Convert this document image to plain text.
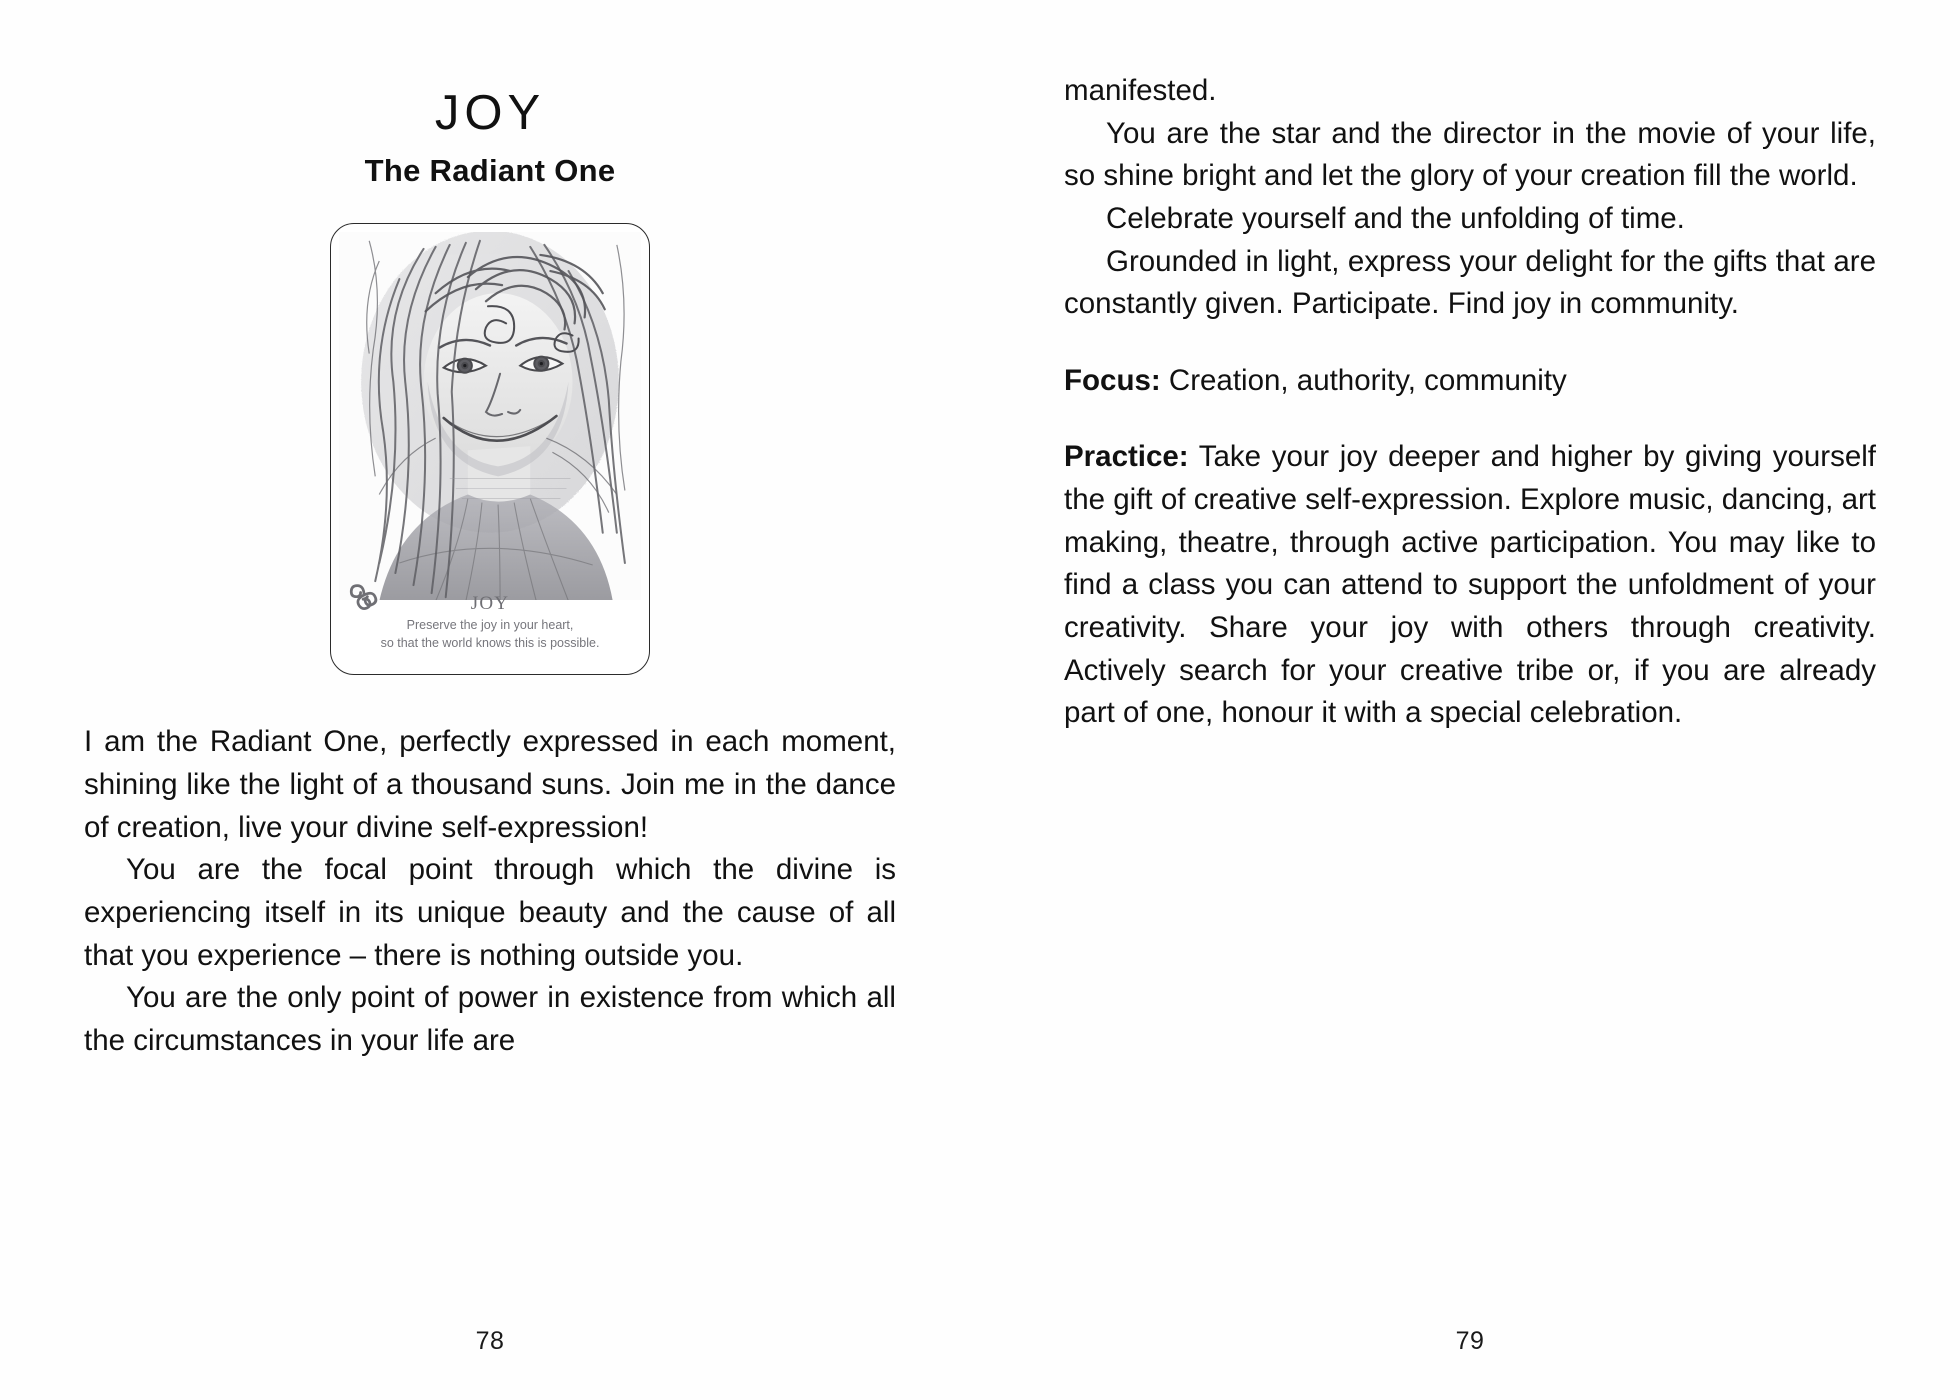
JOY
The Radiant One

JOY

Preserve the joy in your heart,

so that the world knows this is possible.

I am the Radiant One, perfectly expressed in each moment, shining like the light of a thousand suns. Join me in the dance of creation, live your divine self-expression!

You are the focal point through which the divine is experiencing itself in its unique beauty and the cause of all that you experience – there is nothing outside you.

You are the only point of power in existence from which all the circumstances in your life are

78

manifested.

You are the star and the director in the movie of your life, so shine bright and let the glory of your creation fill the world.

Celebrate yourself and the unfolding of time.

Grounded in light, express your delight for the gifts that are constantly given. Participate. Find joy in community.

Focus: Creation, authority, community

Practice: Take your joy deeper and higher by giving yourself the gift of creative self-expression. Explore music, dancing, art making, theatre, through active participation. You may like to find a class you can attend to support the unfoldment of your creativity. Share your joy with others through creativity. Actively search for your creative tribe or, if you are already part of one, honour it with a special celebration.

79
